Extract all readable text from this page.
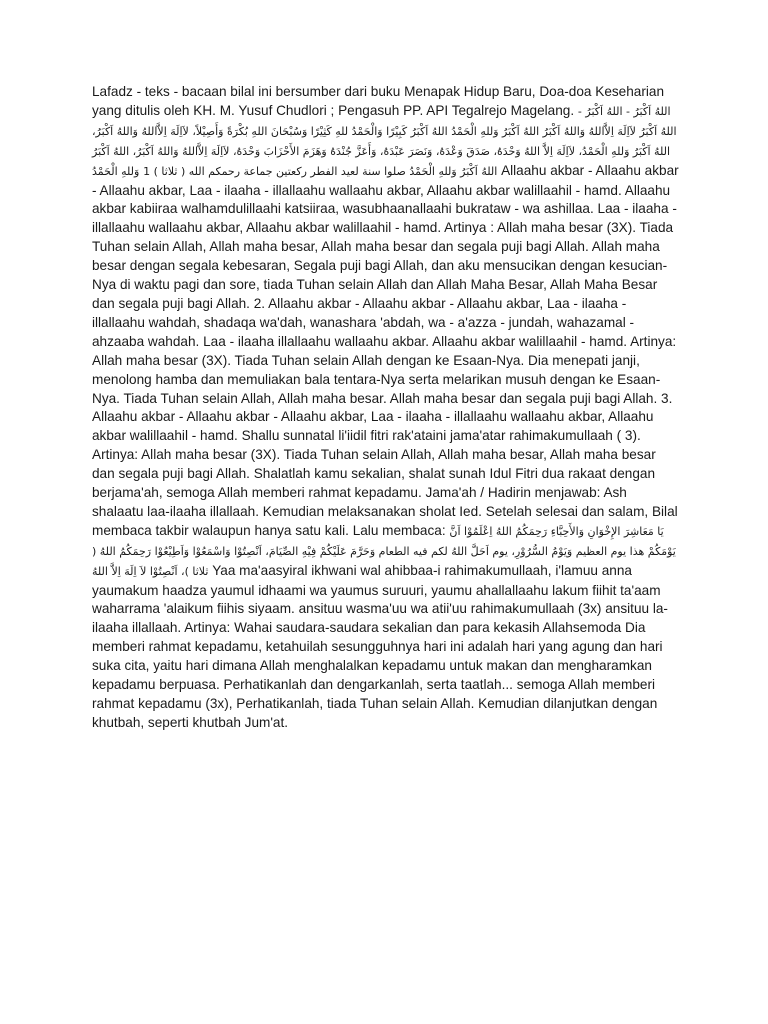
Lafadz - teks - bacaan bilal ini bersumber dari buku Menapak Hidup Baru, Doa-doa Keseharian yang ditulis oleh KH. M. Yusuf Chudlori ; Pengasuh PP. API Tegalrejo Magelang. اللهُ اَكْبَرُ - اللهُ اَكْبَرُ - اللهُ اَكْبَرُ لاَاِلَهَ اِلاَّاللهُ وَاللهُ اَكْبَرُ اللهُ اَكْبَرُ وَللهِ الْحَمْدُ اللهُ اَكْبَرُ كَبِيْرًا وَالْحَمْدُ للهِ كَثِيْرًا وَسُبْحَانَ اللهِ بُكْرَةً وَأَصِيْلاً، لاَاِلَهَ اِلاَّاللهُ وَاللهُ اَكْبَرُ، اللهُ اَكْبَرُ وَللهِ الْحَمْدُ، لاَاِلَهَ اِلاَّ اللهُ وَحْدَهُ، صَدَقَ وَعْدَهُ، وَنَصَرَ عَبْدَهُ، وَأَعَزَّ جُنْدَهُ وَهَزَمَ الأَحْزَابَ وَحْدَهُ، لاَاِلَهَ اِلاَّاللهُ وَاللهُ اَكْبَرُ، اللهُ اَكْبَرُ وَللهِ الْحَمْدُ اللهُ اَكْبَرُ وَللهِ الْحَمْدُ صلوا سنة لعيد الفطر ركعتين جماعة رحمكم الله ( ثلاثا ) 1 Allaahu akbar - Allaahu akbar - Allaahu akbar, Laa - ilaaha - illallaahu wallaahu akbar, Allaahu akbar walillaahil - hamd. Allaahu akbar kabiiraa walhamdulillaahi katsiiraa, wasubhaanallaahi bukrataw - wa ashillaa. Laa - ilaaha - illallaahu wallaahu akbar, Allaahu akbar walillaahil - hamd. Artinya : Allah maha besar (3X). Tiada Tuhan selain Allah, Allah maha besar, Allah maha besar dan segala puji bagi Allah. Allah maha besar dengan segala kebesaran, Segala puji bagi Allah, dan aku mensucikan dengan kesucian-Nya di waktu pagi dan sore, tiada Tuhan selain Allah dan Allah Maha Besar, Allah Maha Besar dan segala puji bagi Allah. 2. Allaahu akbar - Allaahu akbar - Allaahu akbar, Laa - ilaaha - illallaahu wahdah, shadaqa wa'dah, wanashara 'abdah, wa - a'azza - jundah, wahazamal - ahzaaba wahdah. Laa - ilaaha illallaahu wallaahu akbar. Allaahu akbar walillaahil - hamd. Artinya: Allah maha besar (3X). Tiada Tuhan selain Allah dengan ke Esaan-Nya. Dia menepati janji, menolong hamba dan memuliakan bala tentara-Nya serta melarikan musuh dengan ke Esaan-Nya. Tiada Tuhan selain Allah, Allah maha besar. Allah maha besar dan segala puji bagi Allah. 3. Allaahu akbar - Allaahu akbar - Allaahu akbar, Laa - ilaaha - illallaahu wallaahu akbar, Allaahu akbar walillaahil - hamd. Shallu sunnatal li'iidil fitri rak'ataini jama'atar rahimakumullaah ( 3). Artinya: Allah maha besar (3X). Tiada Tuhan selain Allah, Allah maha besar, Allah maha besar dan segala puji bagi Allah. Shalatlah kamu sekalian, shalat sunah Idul Fitri dua rakaat dengan berjama'ah, semoga Allah memberi rahmat kepadamu. Jama'ah / Hadirin menjawab: Ash shalaatu laa-ilaaha illallaah. Kemudian melaksanakan sholat Ied. Setelah selesai dan salam, Bilal membaca takbir walaupun hanya satu kali. Lalu membaca: يَا مَعَاشِرَ الإِخْوَانِ وَالأَحِبَّاءِ رَحِمَكُمُ اللهُ اِعْلَمُوْا اَنَّ يَوْمَكُمْ هذا يوم العظيم وَيَوْمُ السُّرُوْرِ، يوم اَحَلَّ اللهُ لكم فيه الطعام وَحَرَّمَ عَلَيْكُمْ فِيْهِ الصِّيَامَ، اَنْصِتُوْا وَاسْمَعُوْا وَاَطِيْعُوْا رَحِمَكُمُ اللهُ ( ثلاثا )، اَنْصِتُوْا لاَ اِلَهَ اِلاَّ اللهُ Yaa ma'aasyiral ikhwani wal ahibbaa-i rahimakumullaah, i'lamuu anna yaumakum haadza yaumul idhaami wa yaumus suruuri, yaumu ahallallaahu lakum fiihit ta'aam waharrama 'alaikum fiihis siyaam. ansituu wasma'uu wa atii'uu rahimakumullaah (3x) ansituu la-ilaaha illallaah. Artinya: Wahai saudara-saudara sekalian dan para kekasih Allahsemoda Dia memberi rahmat kepadamu, ketahuilah sesungguhnya hari ini adalah hari yang agung dan hari suka cita, yaitu hari dimana Allah menghalalkan kepadamu untuk makan dan mengharamkan kepadamu berpuasa. Perhatikanlah dan dengarkanlah, serta taatlah... semoga Allah memberi rahmat kepadamu (3x), Perhatikanlah, tiada Tuhan selain Allah. Kemudian dilanjutkan dengan khutbah, seperti khutbah Jum'at.
